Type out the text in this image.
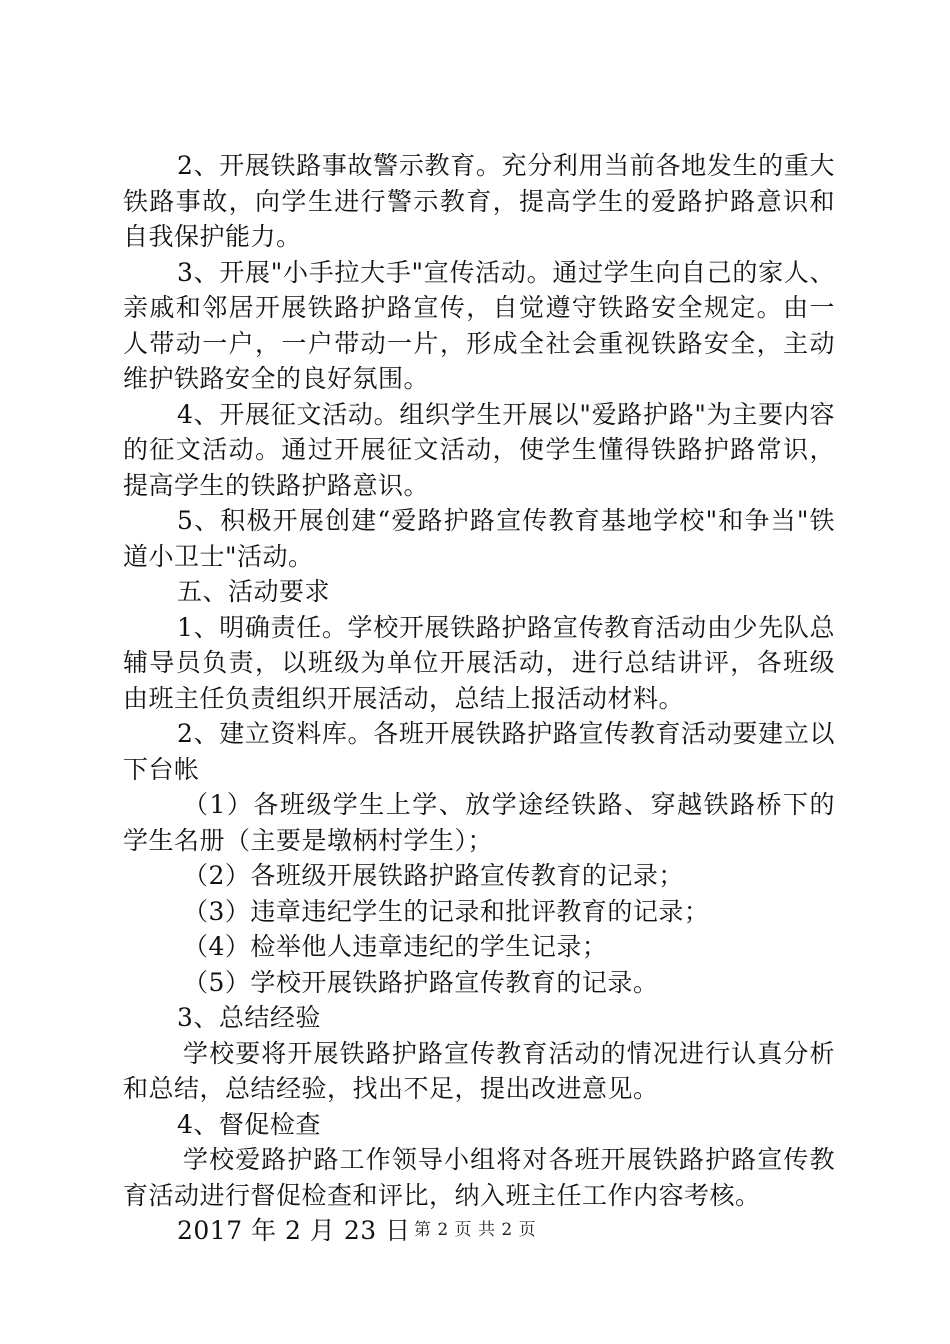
2、开展铁路事故警示教育。充分利用当前各地发生的重大铁路事故，向学生进行警示教育，提高学生的爱路护路意识和自我保护能力。

3、开展"小手拉大手"宣传活动。通过学生向自己的家人、亲戚和邻居开展铁路护路宣传，自觉遵守铁路安全规定。由一人带动一户，一户带动一片，形成全社会重视铁路安全，主动维护铁路安全的良好氛围。

4、开展征文活动。组织学生开展以"爱路护路"为主要内容的征文活动。通过开展征文活动，使学生懂得铁路护路常识，提高学生的铁路护路意识。

5、积极开展创建“爱路护路宣传教育基地学校"和争当"铁道小卫士"活动。

五、活动要求

1、明确责任。学校开展铁路护路宣传教育活动由少先队总辅导员负责，以班级为单位开展活动，进行总结讲评，各班级由班主任负责组织开展活动，总结上报活动材料。

2、建立资料库。各班开展铁路护路宣传教育活动要建立以下台帐

（1）各班级学生上学、放学途经铁路、穿越铁路桥下的学生名册（主要是墩柄村学生）；

（2）各班级开展铁路护路宣传教育的记录；

（3）违章违纪学生的记录和批评教育的记录；

（4）检举他人违章违纪的学生记录；

（5）学校开展铁路护路宣传教育的记录。

3、总结经验

学校要将开展铁路护路宣传教育活动的情况进行认真分析和总结，总结经验，找出不足，提出改进意见。

4、督促检查

学校爱路护路工作领导小组将对各班开展铁路护路宣传教育活动进行督促检查和评比，纳入班主任工作内容考核。

2017 年 2 月 23 日 第 2 页 共 2 页
